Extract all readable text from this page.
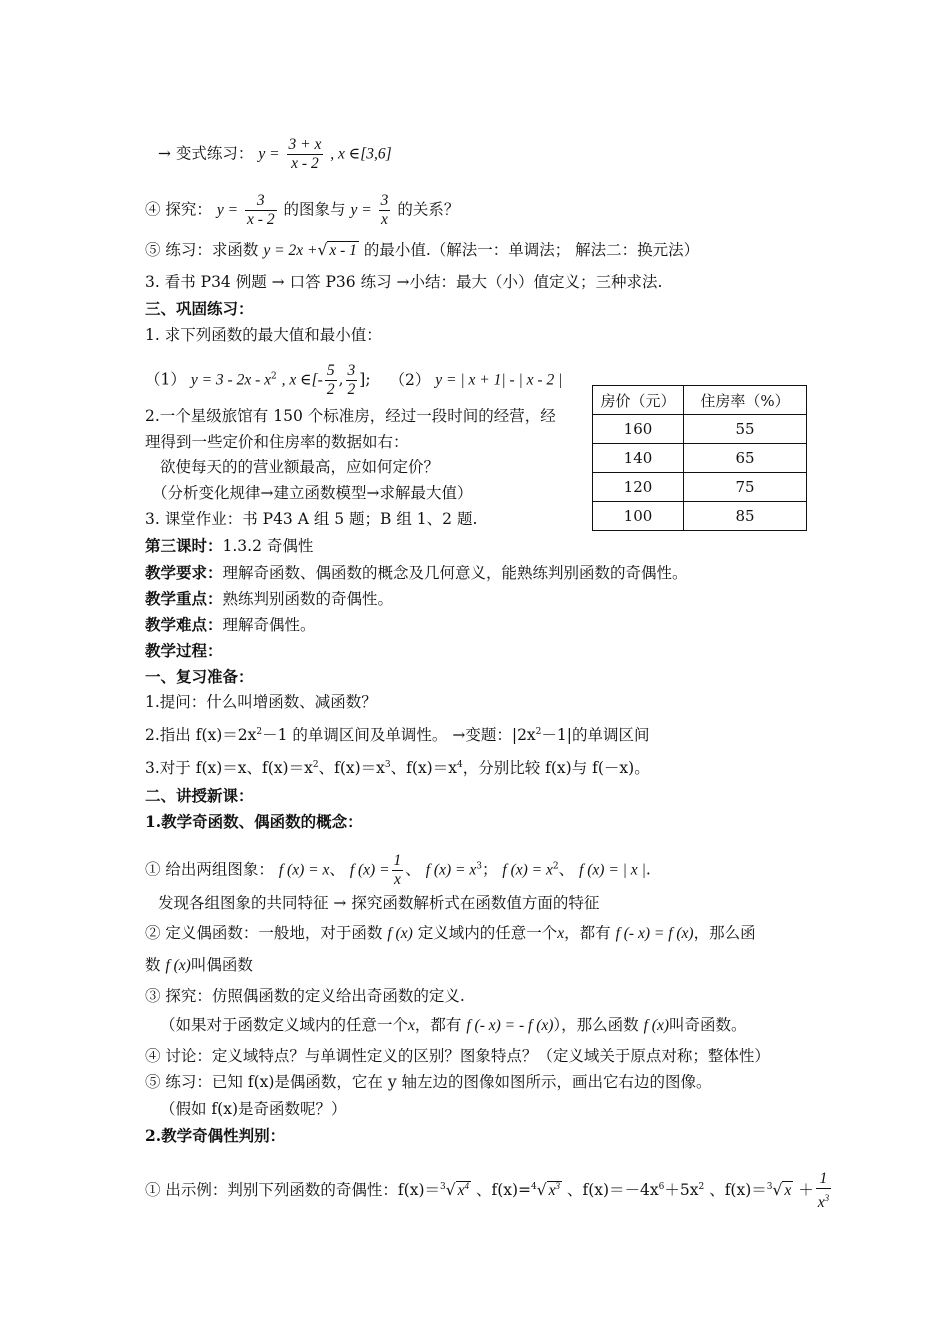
→ 变式练习： $y = \frac{3 + x}{x - 2}$ , x ∈[3,6]
④ 探究： $y = \frac{3}{x - 2}$ 的图象与 $y = \frac{3}{x}$ 的关系？
⑤ 练习：求函数 y = 2x +√ x - 1 的最小值.（解法一：单调法； 解法二：换元法）
3. 看书 P34 例题 → 口答 P36 练习 →小结：最大（小）值定义；三种求法.
三、巩固练习：
1. 求下列函数的最大值和最小值：
（1） $y = 3 - 2x - x^2$ , x ∈[- $\frac{5}{2}$ , $\frac{3}{2}$ ]; （2） y = | x + 1| - | x - 2 |
2.一个星级旅馆有 150 个标准房，经过一段时间的经营，经
理得到一些定价和住房率的数据如右：
欲使每天的的营业额最高，应如何定价？
（分析变化规律→建立函数模型→求解最大值）
3. 课堂作业：书 P43 A 组 5 题；B 组 1、2 题.
房价（元）	住房率（%）
160	55
140	65
120	75
100	85
第三课时：1.3.2 奇偶性
教学要求：理解奇函数、偶函数的概念及几何意义，能熟练判别函数的奇偶性。
教学重点：熟练判别函数的奇偶性。
教学难点：理解奇偶性。
教学过程：
一、复习准备：
1.提问：什么叫增函数、减函数？
2.指出 $f(x)=2x^2-1$ 的单调区间及单调性。 →变题：$|2x^2-1|$的单调区间
3.对于 f(x)＝x、$f(x)=x^2$、$f(x)=x^3$、$f(x)=x^4$，分别比较 f(x)与 f(－x)。
二、讲授新课：
1.教学奇函数、偶函数的概念：
① 给出两组图象： f (x) = x、 f $(x) = \frac{1}{x}$ 、 f $(x) = x^3$； f $(x) = x^2$、 f (x) = | x |.
发现各组图象的共同特征 → 探究函数解析式在函数值方面的特征
② 定义偶函数：一般地，对于函数 f (x) 定义域内的任意一个x，都有 f (- x) = f (x)，那么函
数 f (x)叫偶函数
③ 探究：仿照偶函数的定义给出奇函数的定义.
（如果对于函数定义域内的任意一个x，都有 f (- x) = - f (x)），那么函数 f (x)叫奇函数。
④ 讨论：定义域特点？与单调性定义的区别？图象特点？（定义域关于原点对称；整体性）
⑤ 练习：已知 f(x)是偶函数，它在 y 轴左边的图像如图所示，画出它右边的图像。
（假如 f(x)是奇函数呢？）
2.教学奇偶性判别：
① 出示例：判别下列函数的奇偶性：f(x)＝$^3$√ $x^4$ 、f(x)=$^4$√ $x^3$ 、$f(x)=-4x^6+5x^2$ 、f(x)＝$^3$√ $x + \frac{1}{x^3}$
